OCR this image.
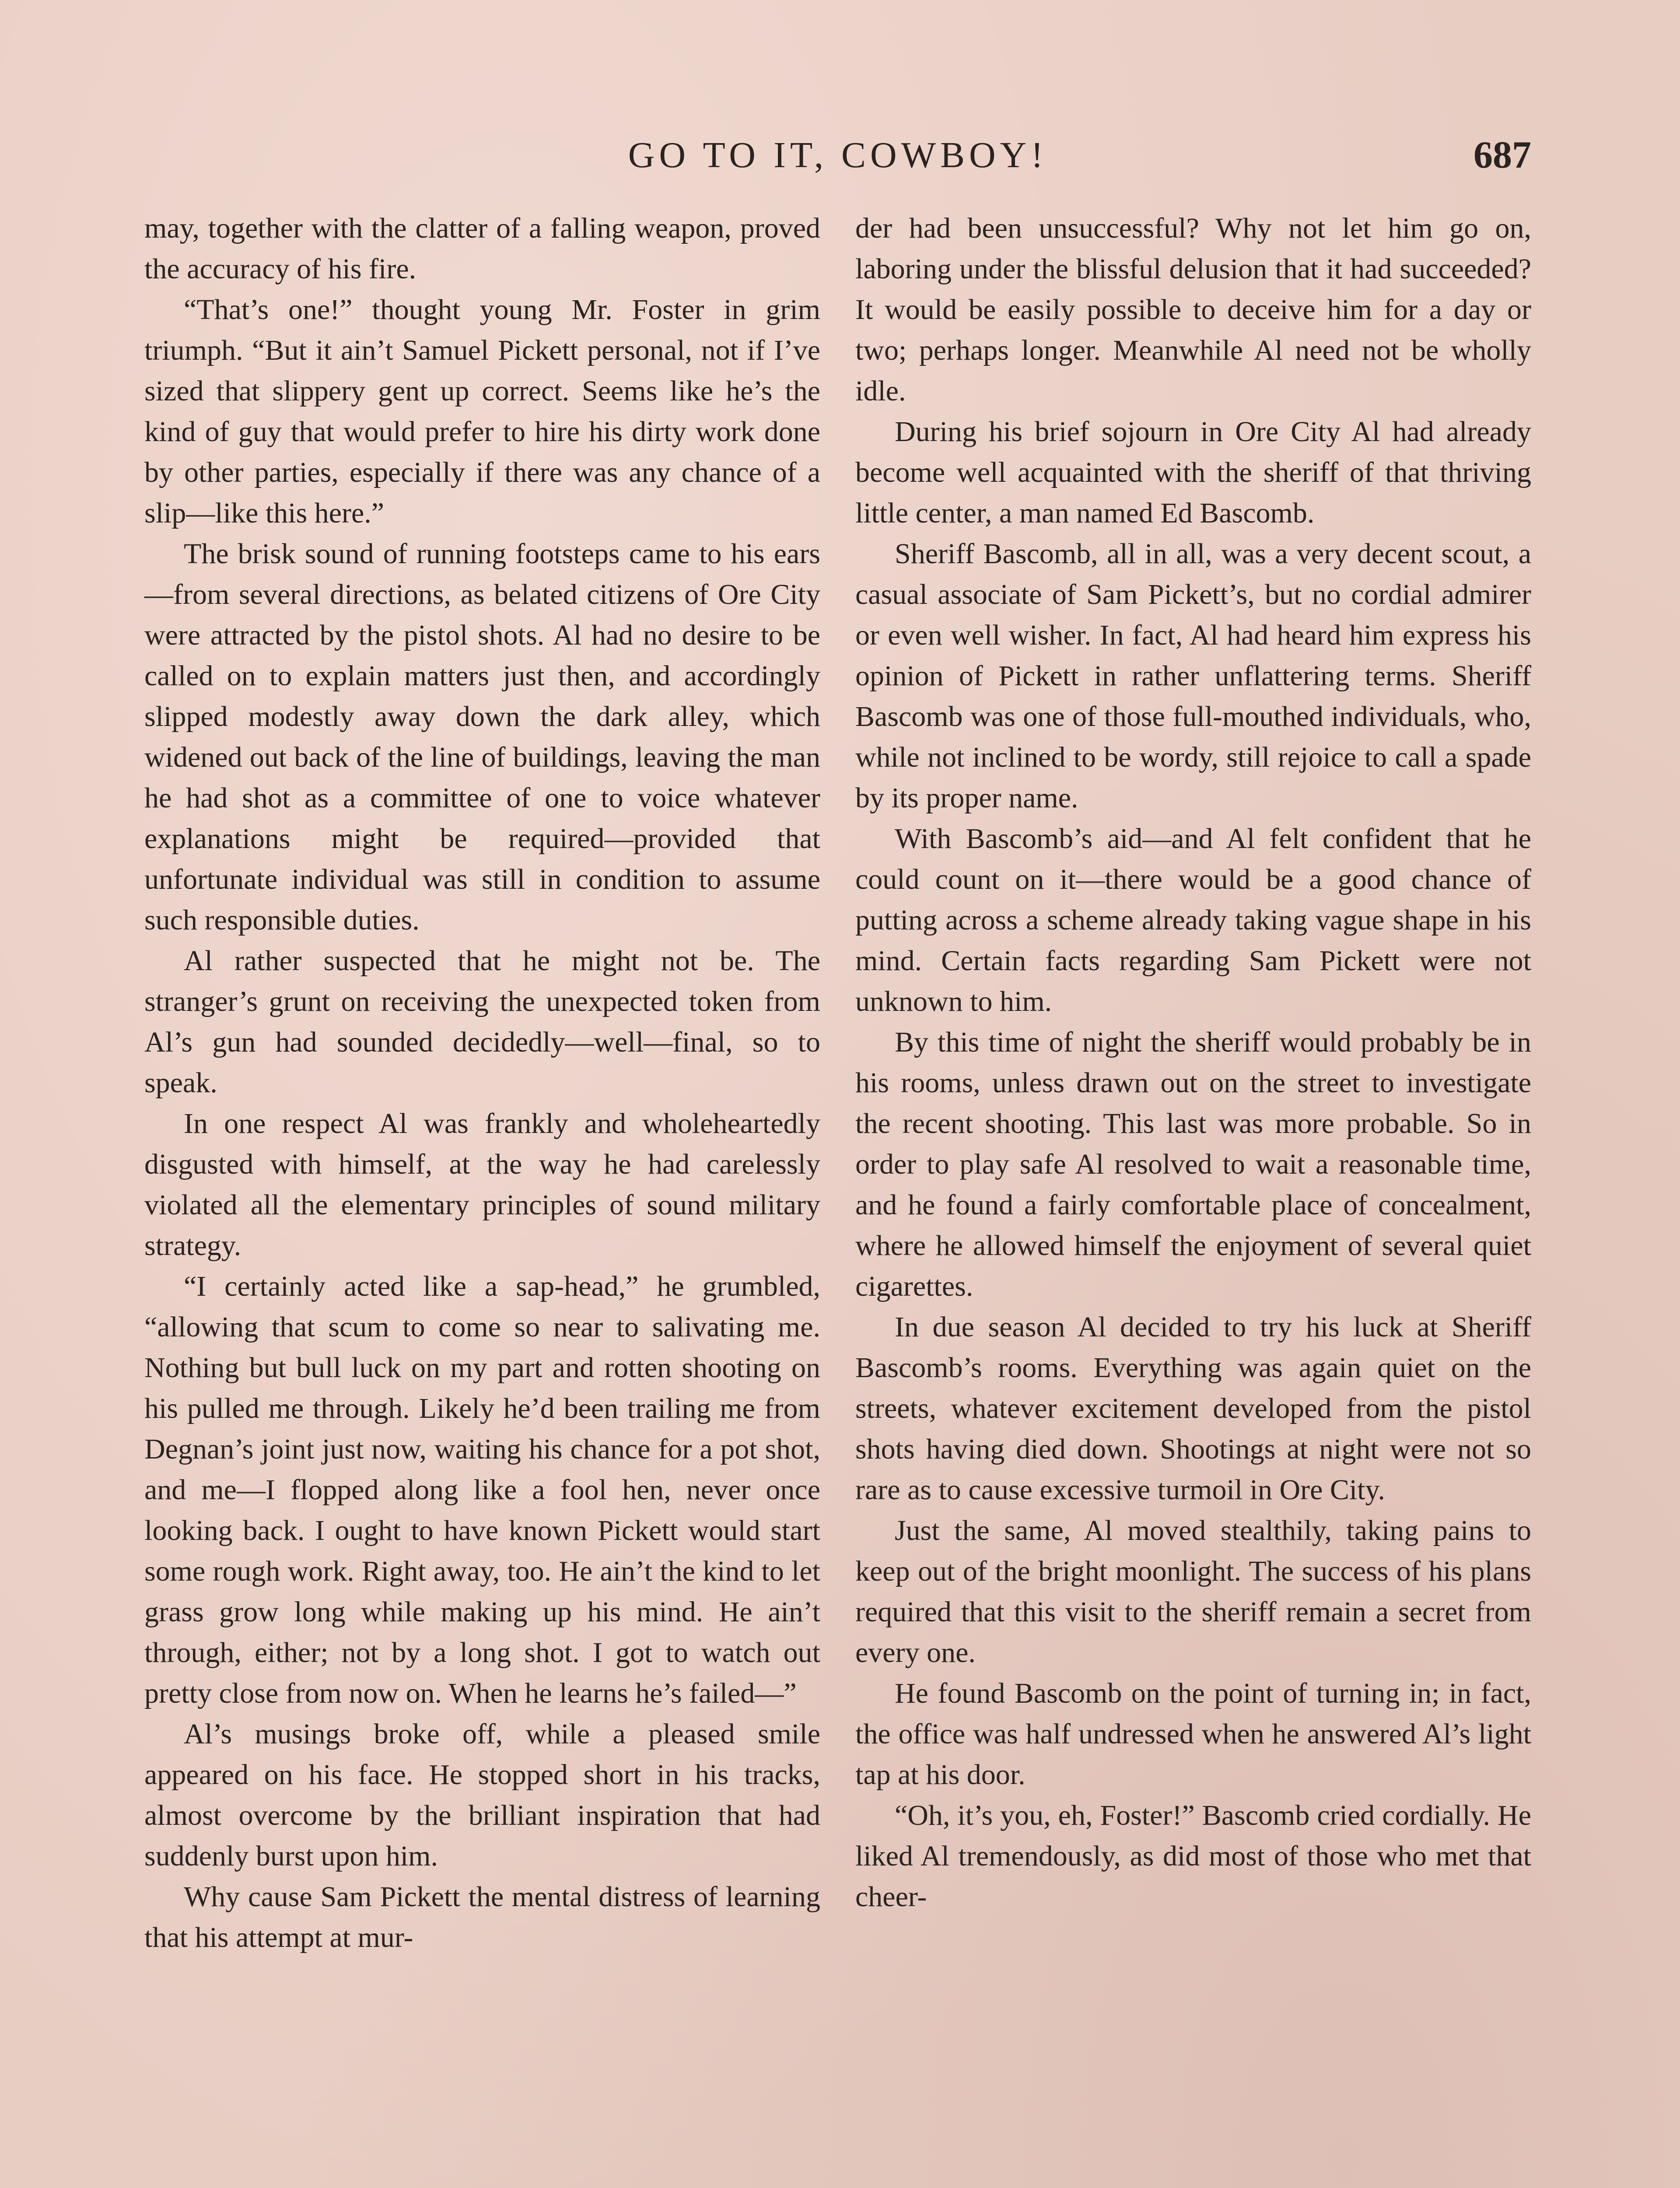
GO TO IT, COWBOY!	687

may, together with the clatter of a falling weapon, proved the accuracy of his fire.

“That’s one!” thought young Mr. Foster in grim triumph. “But it ain’t Samuel Pickett personal, not if I’ve sized that slippery gent up correct. Seems like he’s the kind of guy that would prefer to hire his dirty work done by other parties, especially if there was any chance of a slip—like this here.”

The brisk sound of running footsteps came to his ears—from several directions, as belated citizens of Ore City were attracted by the pistol shots. Al had no desire to be called on to explain matters just then, and accordingly slipped modestly away down the dark alley, which widened out back of the line of buildings, leaving the man he had shot as a committee of one to voice whatever explanations might be required—provided that unfortunate individual was still in condition to assume such responsible duties.

Al rather suspected that he might not be. The stranger’s grunt on receiving the unexpected token from Al’s gun had sounded decidedly—well—final, so to speak.

In one respect Al was frankly and wholeheartedly disgusted with himself, at the way he had carelessly violated all the elementary principles of sound military strategy.

“I certainly acted like a sap-head,” he grumbled, “allowing that scum to come so near to salivating me. Nothing but bull luck on my part and rotten shooting on his pulled me through. Likely he’d been trailing me from Degnan’s joint just now, waiting his chance for a pot shot, and me—I flopped along like a fool hen, never once looking back. I ought to have known Pickett would start some rough work. Right away, too. He ain’t the kind to let grass grow long while making up his mind. He ain’t through, either; not by a long shot. I got to watch out pretty close from now on. When he learns he’s failed—”

Al’s musings broke off, while a pleased smile appeared on his face. He stopped short in his tracks, almost overcome by the brilliant inspiration that had suddenly burst upon him.

Why cause Sam Pickett the mental distress of learning that his attempt at mur-

der had been unsuccessful? Why not let him go on, laboring under the blissful delusion that it had succeeded? It would be easily possible to deceive him for a day or two; perhaps longer. Meanwhile Al need not be wholly idle.

During his brief sojourn in Ore City Al had already become well acquainted with the sheriff of that thriving little center, a man named Ed Bascomb.

Sheriff Bascomb, all in all, was a very decent scout, a casual associate of Sam Pickett’s, but no cordial admirer or even well wisher. In fact, Al had heard him express his opinion of Pickett in rather unflattering terms. Sheriff Bascomb was one of those full-mouthed individuals, who, while not inclined to be wordy, still rejoice to call a spade by its proper name.

With Bascomb’s aid—and Al felt confident that he could count on it—there would be a good chance of putting across a scheme already taking vague shape in his mind. Certain facts regarding Sam Pickett were not unknown to him.

By this time of night the sheriff would probably be in his rooms, unless drawn out on the street to investigate the recent shooting. This last was more probable. So in order to play safe Al resolved to wait a reasonable time, and he found a fairly comfortable place of concealment, where he allowed himself the enjoyment of several quiet cigarettes.

In due season Al decided to try his luck at Sheriff Bascomb’s rooms. Everything was again quiet on the streets, whatever excitement developed from the pistol shots having died down. Shootings at night were not so rare as to cause excessive turmoil in Ore City.

Just the same, Al moved stealthily, taking pains to keep out of the bright moonlight. The success of his plans required that this visit to the sheriff remain a secret from every one.

He found Bascomb on the point of turning in; in fact, the office was half undressed when he answered Al’s light tap at his door.

“Oh, it’s you, eh, Foster!” Bascomb cried cordially. He liked Al tremendously, as did most of those who met that cheer-
